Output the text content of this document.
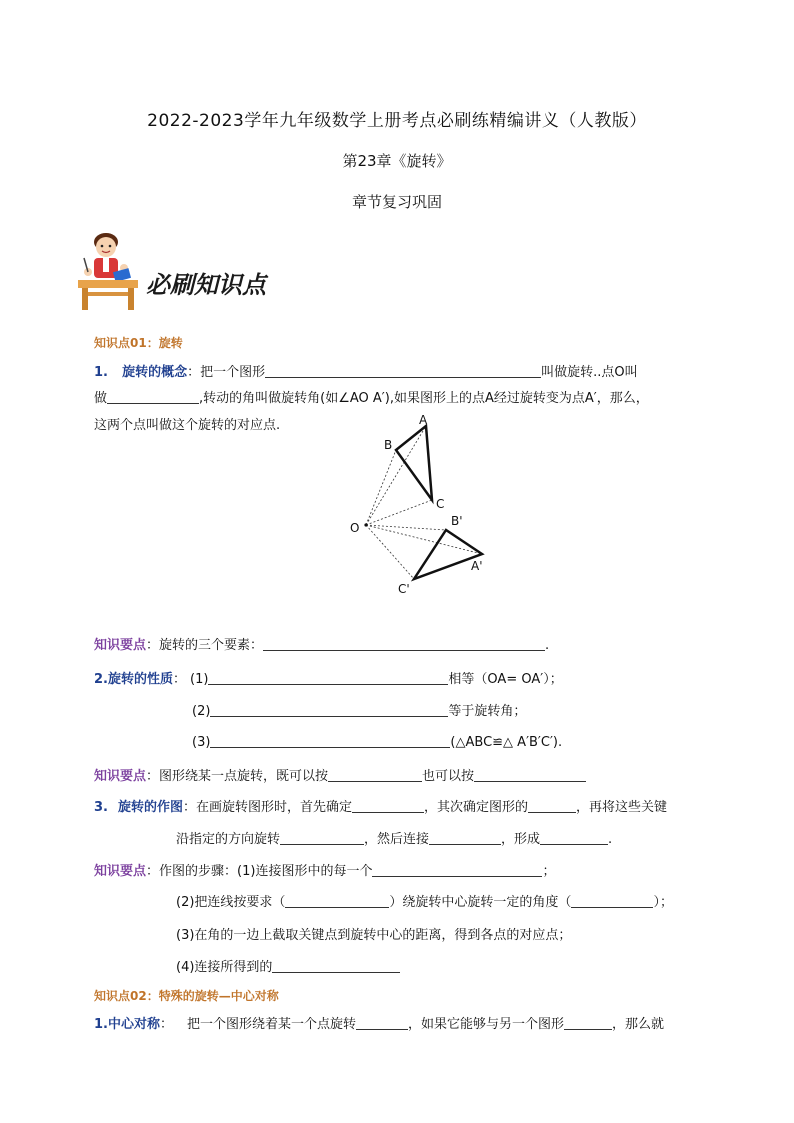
2022-2023学年九年级数学上册考点必刷练精编讲义（人教版）
第23章《旋转》
章节复习巩固
必刷知识点
知识点01：旋转
1. 旋转的概念：把一个图形	叫做旋转..点O叫
做	,转动的角叫做旋转角(如∠AO A′),如果图形上的点A经过旋转变为点A′，那么，
这两个点叫做这个旋转的对应点.	A
B
C
O
A'
B'
C'
知识要点：旋转的三个要素：	.
2.旋转的性质： (1)	相等（OA= OA′）；
(2)	等于旋转角；
(3)	(△ABC≌△ A′B′C′).
知识要点：图形绕某一点旋转，既可以按	也可以按
3. 旋转的作图：在画旋转图形时，首先确定	，其次确定图形的	，再将这些关键
沿指定的方向旋转	，然后连接	，形成	.
知识要点：作图的步骤：(1)连接图形中的每一个	；
(2)把连线按要求（	）绕旋转中心旋转一定的角度（	）；
(3)在角的一边上截取关键点到旋转中心的距离，得到各点的对应点；
(4)连接所得到的
知识点02：特殊的旋转—中心对称
1.中心对称： 把一个图形绕着某一个点旋转	，如果它能够与另一个图形	，那么就
